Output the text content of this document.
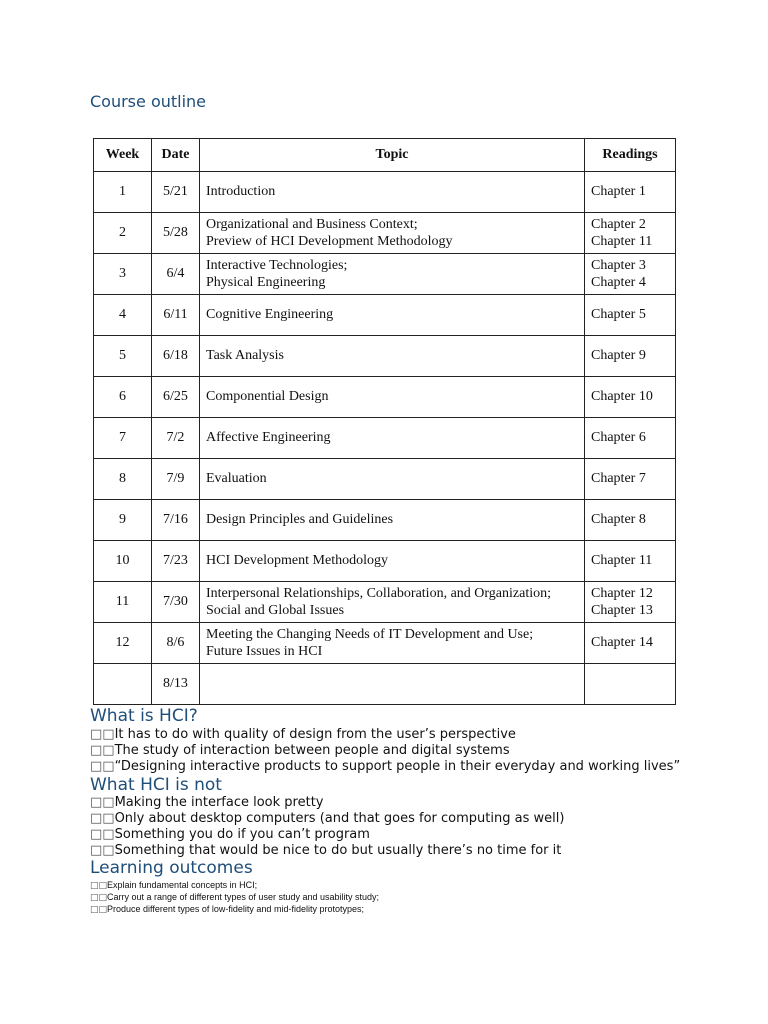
Course outline
Week	Date	Topic	Readings
1	5/21	Introduction	Chapter 1

2	5/28	Organizational and Business Context;
Preview of HCI Development Methodology	Chapter 2
Chapter 11

3	6/4	Interactive Technologies;
Physical Engineering	Chapter 3
Chapter 4

4	6/11	Cognitive Engineering	Chapter 5

5	6/18	Task Analysis	Chapter 9

6	6/25	Componential Design	Chapter 10

7	7/2	Affective Engineering	Chapter 6

8	7/9	Evaluation	Chapter 7

9	7/16	Design Principles and Guidelines	Chapter 8

10	7/23	HCI Development Methodology	Chapter 11

11	7/30	Interpersonal Relationships, Collaboration, and Organization;
Social and Global Issues	Chapter 12
Chapter 13

12	8/6	Meeting the Changing Needs of IT Development and Use;
Future Issues in HCI	Chapter 14

	8/13	

What is HCI?
□□It has to do with quality of design from the user’s perspective
□□The study of interaction between people and digital systems
□□“Designing interactive products to support people in their everyday and working lives”
What HCI is not
□□Making the interface look pretty
□□Only about desktop computers (and that goes for computing as well)
□□Something you do if you can’t program
□□Something that would be nice to do but usually there’s no time for it
Learning outcomes
□□Explain fundamental concepts in HCI;
□□Carry out a range of different types of user study and usability study;
□□Produce different types of low-fidelity and mid-fidelity prototypes;
